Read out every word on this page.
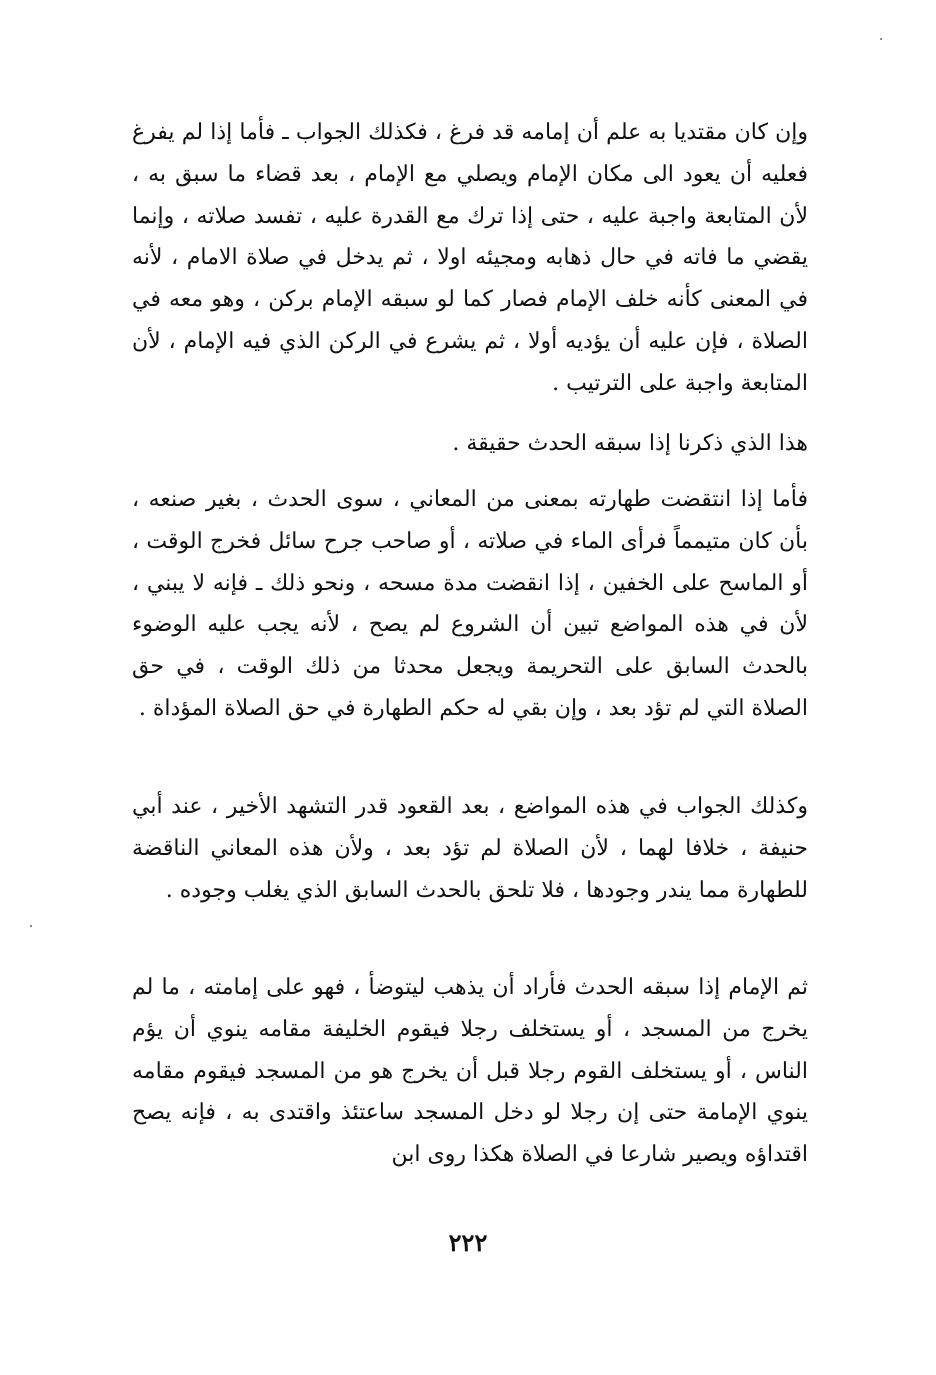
وإن كان مقتديا به علم أن إمامه قد فرغ ، فكذلك الجواب ـ فأما إذا لم يفرغ فعليه أن يعود الى مكان الإمام ويصلي مع الإمام ، بعد قضاء ما سبق به ، لأن المتابعة واجبة عليه ، حتى إذا ترك مع القدرة عليه ، تفسد صلاته ، وإنما يقضي ما فاته في حال ذهابه ومجيئه اولا ، ثم يدخل في صلاة الامام ، لأنه في المعنى كأنه خلف الإمام فصار كما لو سبقه الإمام بركن ، وهو معه في الصلاة ، فإن عليه أن يؤديه أولا ، ثم يشرع في الركن الذي فيه الإمام ، لأن المتابعة واجبة على الترتيب .

هذا الذي ذكرنا إذا سبقه الحدث حقيقة .

فأما إذا انتقضت طهارته بمعنى من المعاني ، سوى الحدث ، بغير صنعه ، بأن كان متيمماً فرأى الماء في صلاته ، أو صاحب جرح سائل فخرج الوقت ، أو الماسح على الخفين ، إذا انقضت مدة مسحه ، ونحو ذلك ـ فإنه لا يبني ، لأن في هذه المواضع تبين أن الشروع لم يصح ، لأنه يجب عليه الوضوء بالحدث السابق على التحريمة ويجعل محدثا من ذلك الوقت ، في حق الصلاة التي لم تؤد بعد ، وإن بقي له حكم الطهارة في حق الصلاة المؤداة .

وكذلك الجواب في هذه المواضع ، بعد القعود قدر التشهد الأخير ، عند أبي حنيفة ، خلافا لهما ، لأن الصلاة لم تؤد بعد ، ولأن هذه المعاني الناقضة للطهارة مما يندر وجودها ، فلا تلحق بالحدث السابق الذي يغلب وجوده .

ثم الإمام إذا سبقه الحدث فأراد أن يذهب ليتوضأ ، فهو على إمامته ، ما لم يخرج من المسجد ، أو يستخلف رجلا فيقوم الخليفة مقامه ينوي أن يؤم الناس ، أو يستخلف القوم رجلا قبل أن يخرج هو من المسجد فيقوم مقامه ينوي الإمامة حتى إن رجلا لو دخل المسجد ساعتئذ واقتدى به ، فإنه يصح اقتداؤه ويصير شارعا في الصلاة هكذا روى ابن

٢٢٢
